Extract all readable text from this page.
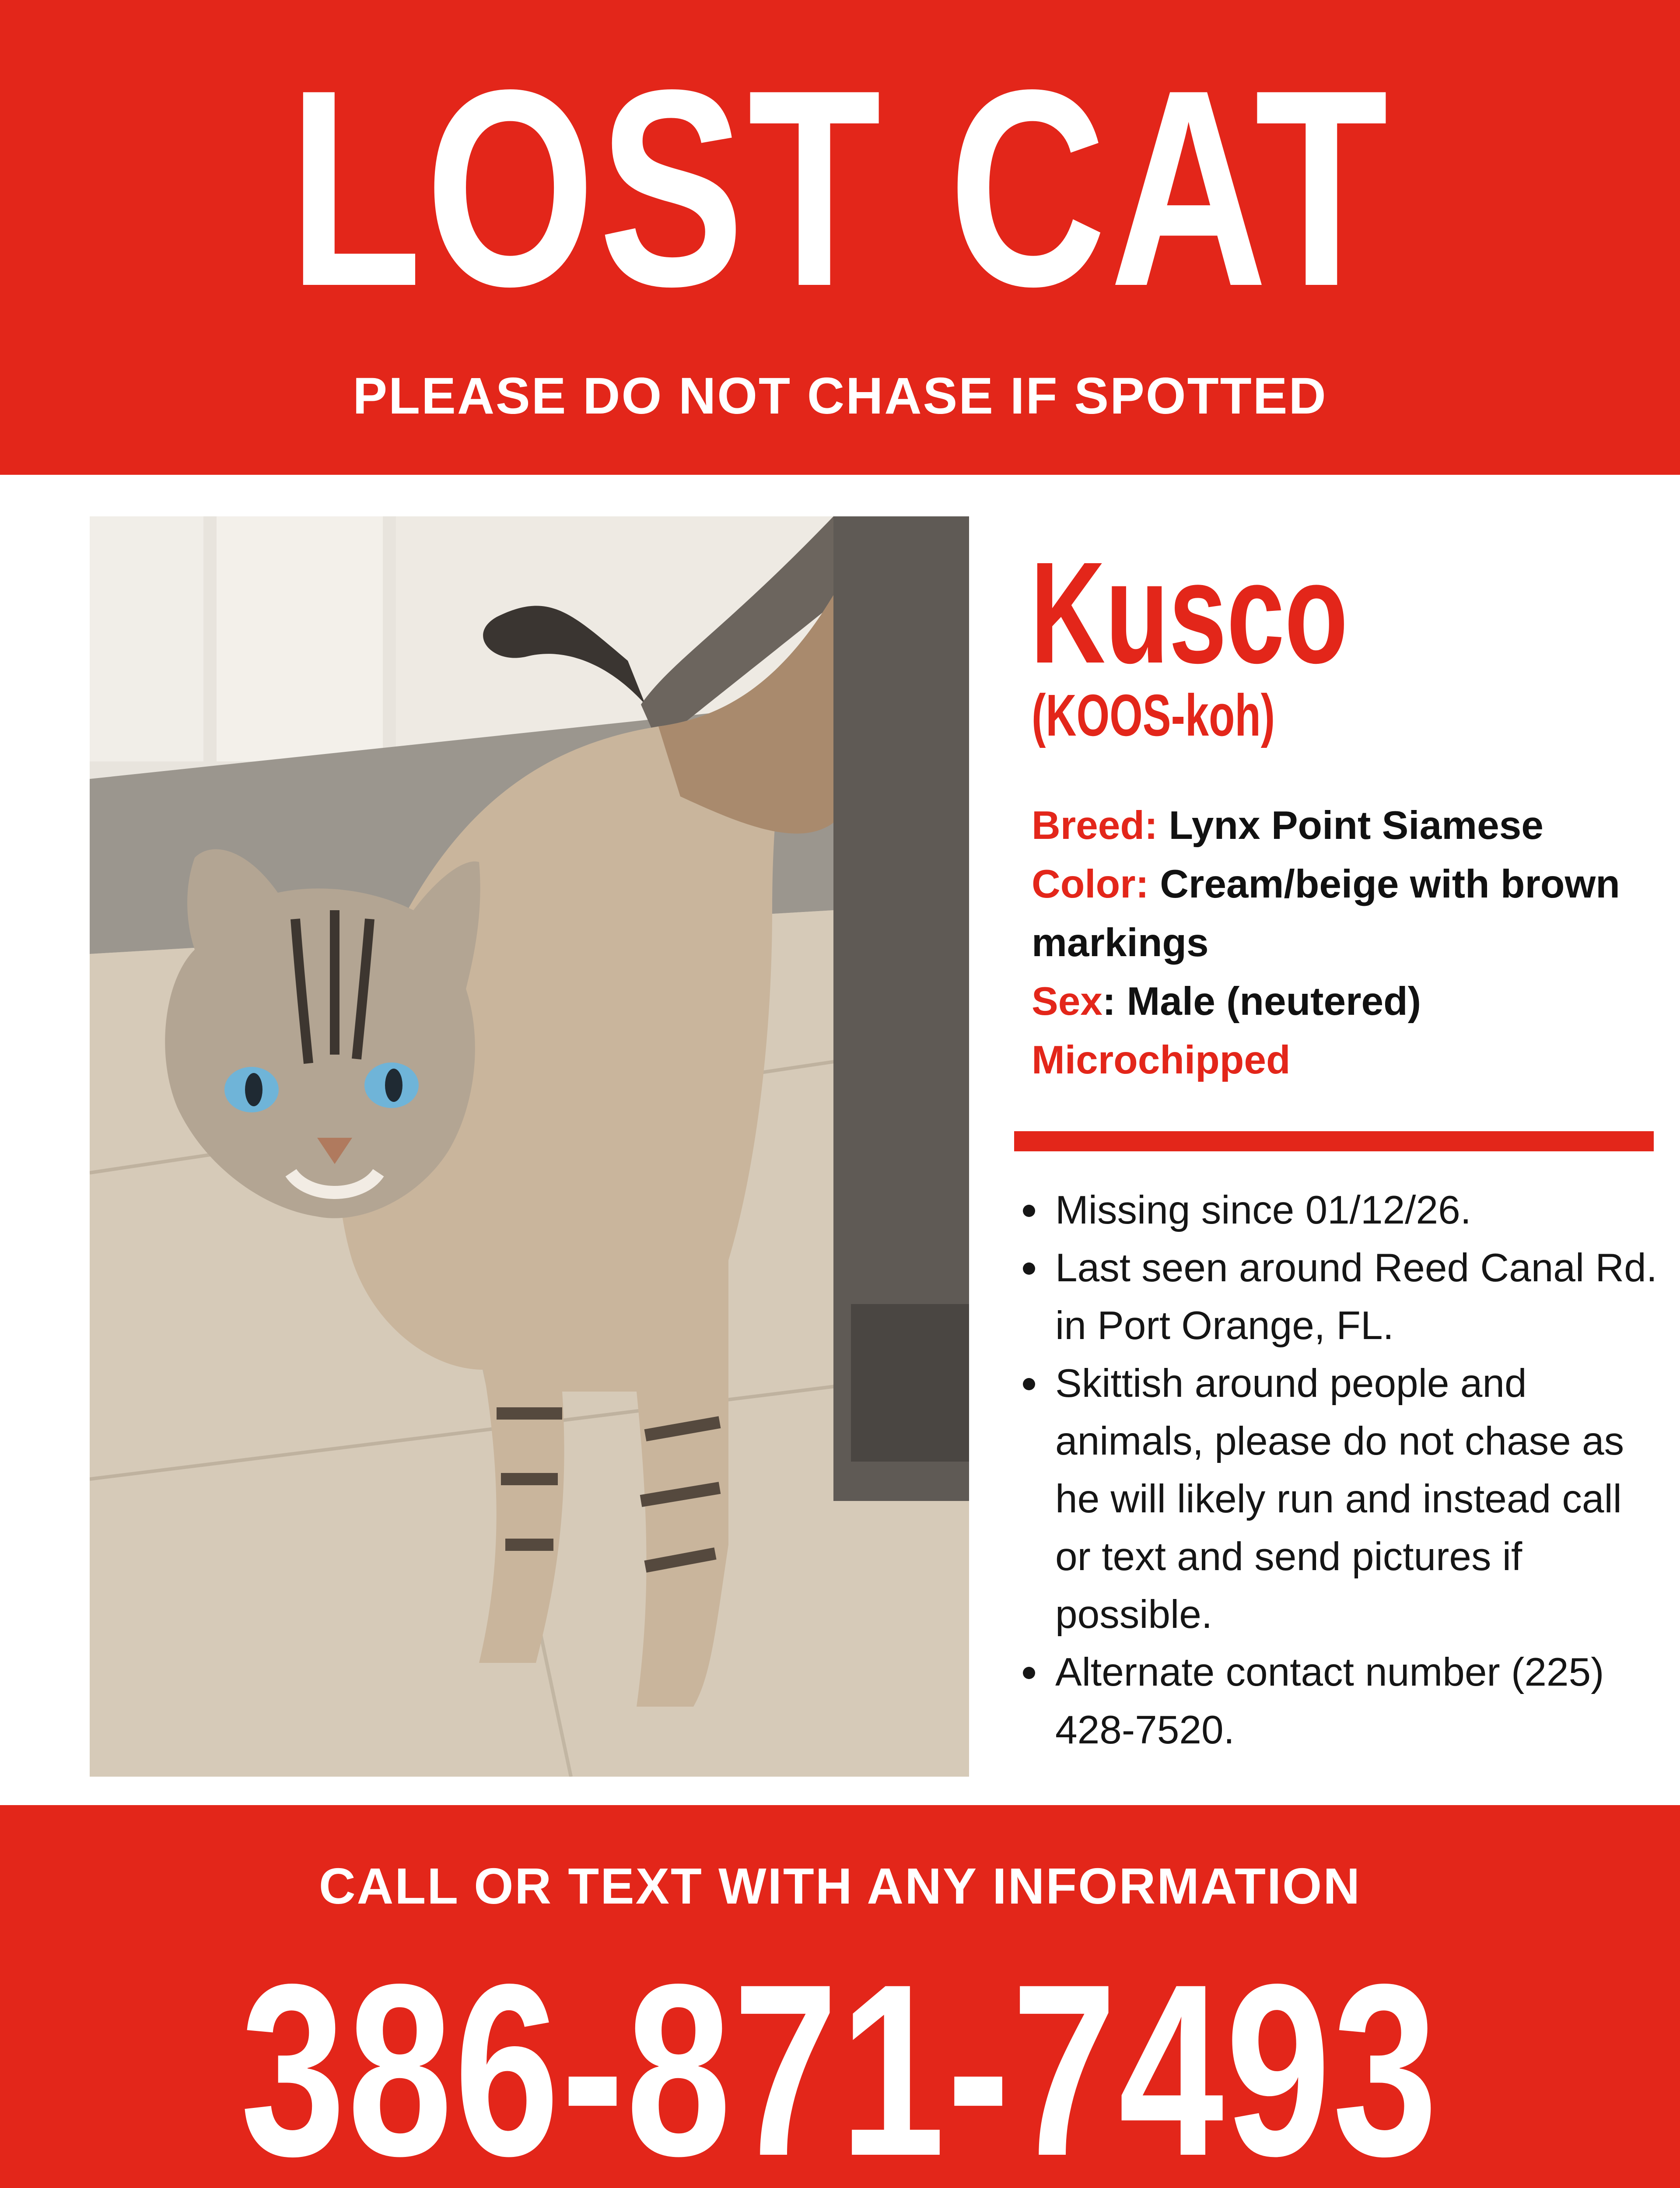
LOST CAT
PLEASE DO NOT CHASE IF SPOTTED
Kusco
(KOOS-koh)
Breed: Lynx Point Siamese
Color: Cream/beige with brown markings
Sex: Male (neutered)
Microchipped
Missing since 01/12/26.
Last seen around Reed Canal Rd. in Port Orange, FL.
Skittish around people and animals, please do not chase as he will likely run and instead call or text and send pictures if possible.
Alternate contact number (225) 428-7520.
CALL OR TEXT WITH ANY INFORMATION
386-871-7493
